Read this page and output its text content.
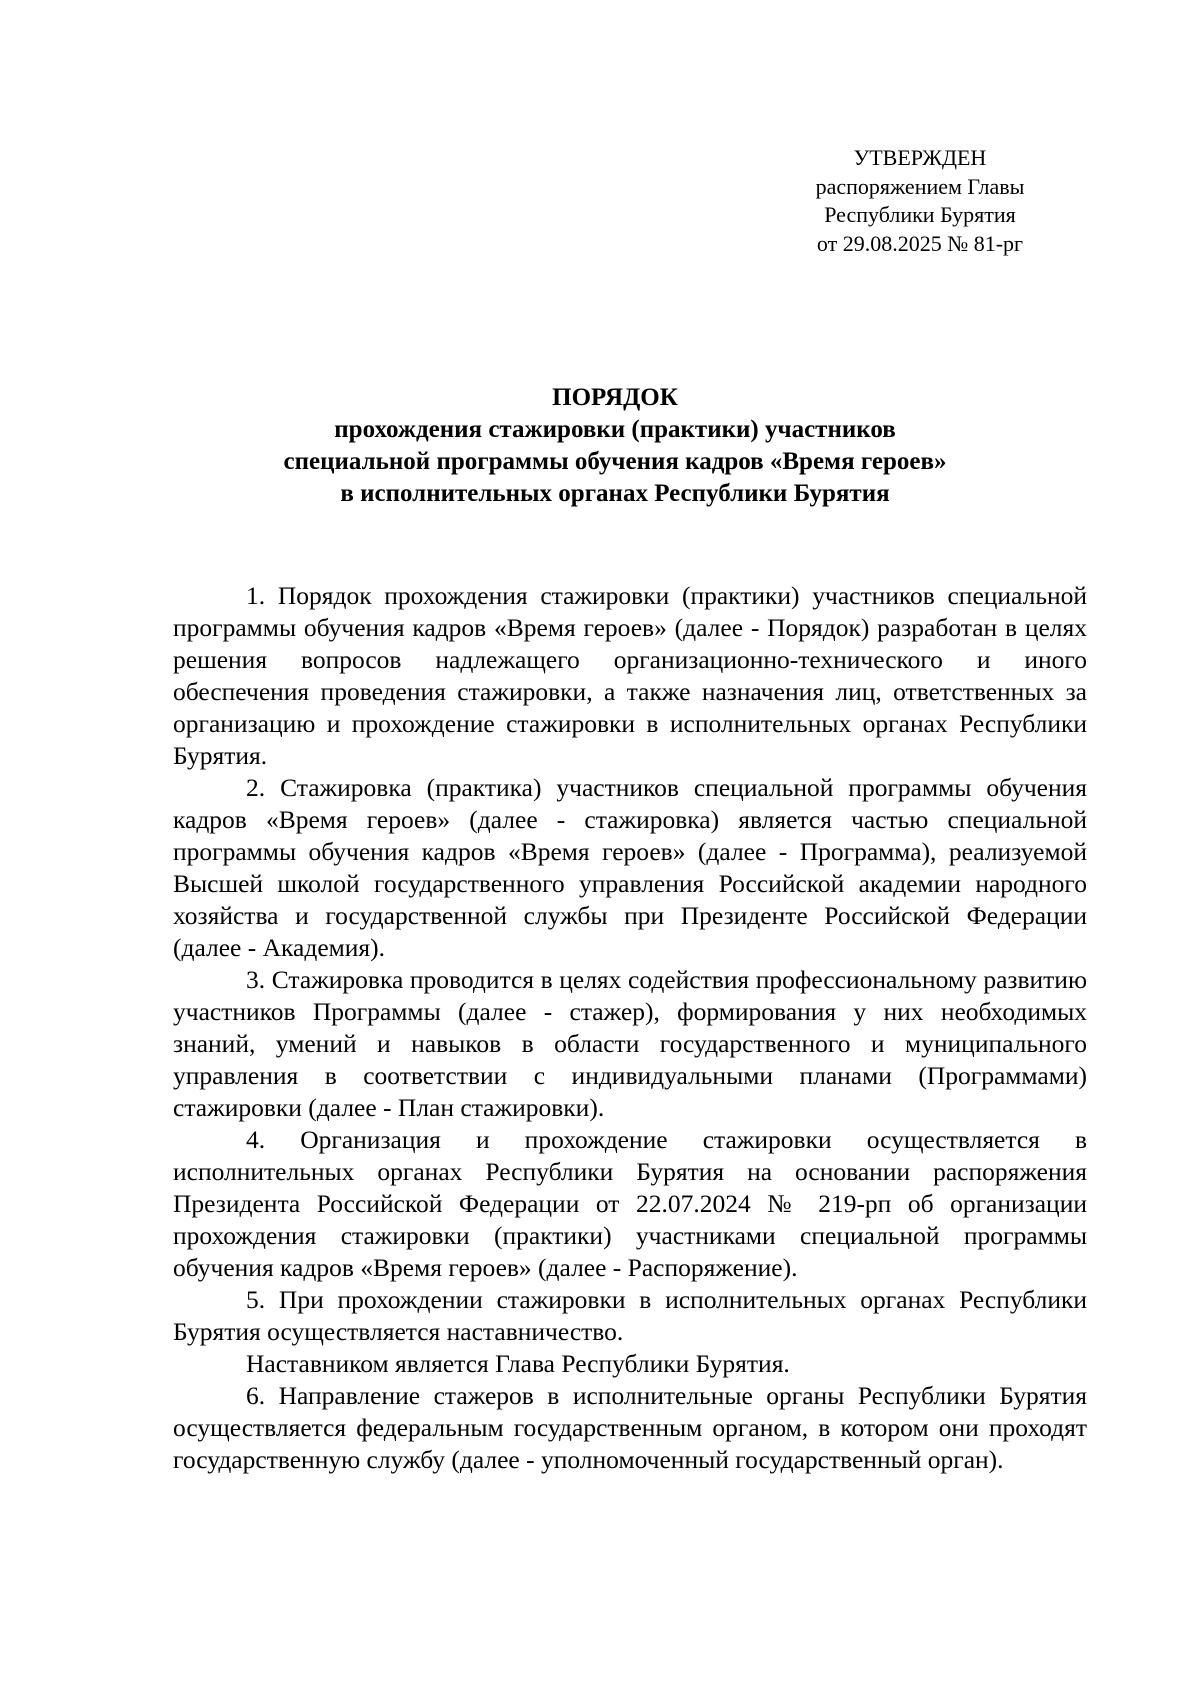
УТВЕРЖДЕН
распоряжением Главы
Республики Бурятия
от 29.08.2025 № 81-рг
ПОРЯДОК
прохождения стажировки (практики) участников
специальной программы обучения кадров «Время героев»
в исполнительных органах Республики Бурятия

1. Порядок прохождения стажировки (практики) участников специальной программы обучения кадров «Время героев» (далее - Порядок) разработан в целях решения вопросов надлежащего организационно-технического и иного обеспечения проведения стажировки, а также назначения лиц, ответственных за организацию и прохождение стажировки в исполнительных органах Республики Бурятия.

2. Стажировка (практика) участников специальной программы обучения кадров «Время героев» (далее - стажировка) является частью специальной программы обучения кадров «Время героев» (далее - Программа), реализуемой Высшей школой государственного управления Российской академии народного хозяйства и государственной службы при Президенте Российской Федерации (далее - Академия).

3. Стажировка проводится в целях содействия профессиональному развитию участников Программы (далее - стажер), формирования у них необходимых знаний, умений и навыков в области государственного и муниципального управления в соответствии с индивидуальными планами (Программами) стажировки (далее - План стажировки).

4. Организация и прохождение стажировки осуществляется в исполнительных органах Республики Бурятия на основании распоряжения Президента Российской Федерации от 22.07.2024 № 219-рп об организации прохождения стажировки (практики) участниками специальной программы обучения кадров «Время героев» (далее - Распоряжение).

5. При прохождении стажировки в исполнительных органах Республики Бурятия осуществляется наставничество.

Наставником является Глава Республики Бурятия.

6. Направление стажеров в исполнительные органы Республики Бурятия осуществляется федеральным государственным органом, в котором они проходят государственную службу (далее - уполномоченный государственный орган).
